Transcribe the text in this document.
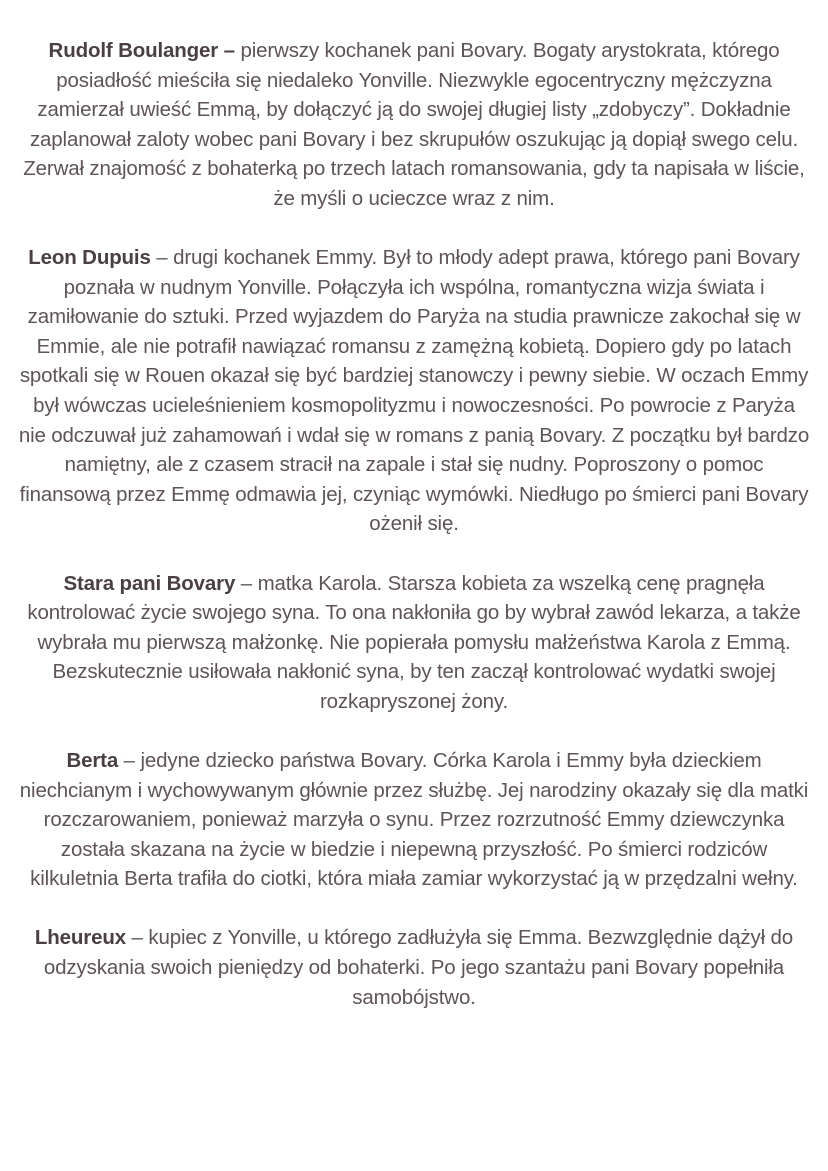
Rudolf Boulanger – pierwszy kochanek pani Bovary. Bogaty arystokrata, którego posiadłość mieściła się niedaleko Yonville. Niezwykle egocentryczny mężczyzna zamierzał uwieść Emmą, by dołączyć ją do swojej długiej listy „zdobyczy”. Dokładnie zaplanował zaloty wobec pani Bovary i bez skrupułów oszukując ją dopiął swego celu. Zerwał znajomość z bohaterką po trzech latach romansowania, gdy ta napisała w liście, że myśli o ucieczce wraz z nim.

Leon Dupuis – drugi kochanek Emmy. Był to młody adept prawa, którego pani Bovary poznała w nudnym Yonville. Połączyła ich wspólna, romantyczna wizja świata i zamiłowanie do sztuki. Przed wyjazdem do Paryża na studia prawnicze zakochał się w Emmie, ale nie potrafił nawiązać romansu z zamężną kobietą. Dopiero gdy po latach spotkali się w Rouen okazał się być bardziej stanowczy i pewny siebie. W oczach Emmy był wówczas ucieleśnieniem kosmopolityzmu i nowoczesności. Po powrocie z Paryża nie odczuwał już zahamowań i wdał się w romans z panią Bovary. Z początku był bardzo namiętny, ale z czasem stracił na zapale i stał się nudny. Poproszony o pomoc finansową przez Emmę odmawia jej, czyniąc wymówki. Niedługo po śmierci pani Bovary ożenił się.

Stara pani Bovary – matka Karola. Starsza kobieta za wszelką cenę pragnęła kontrolować życie swojego syna. To ona nakłoniła go by wybrał zawód lekarza, a także wybrała mu pierwszą małżonkę. Nie popierała pomysłu małżeństwa Karola z Emmą. Bezskutecznie usiłowała nakłonić syna, by ten zaczął kontrolować wydatki swojej rozkapryszonej żony.

Berta – jedyne dziecko państwa Bovary. Córka Karola i Emmy była dzieckiem niechcianym i wychowywanym głównie przez służbę. Jej narodziny okazały się dla matki rozczarowaniem, ponieważ marzyła o synu. Przez rozrzutność Emmy dziewczynka została skazana na życie w biedzie i niepewną przyszłość. Po śmierci rodziców kilkuletnia Berta trafiła do ciotki, która miała zamiar wykorzystać ją w przędzalni wełny.

Lheureux – kupiec z Yonville, u którego zadłużyła się Emma. Bezwzględnie dążył do odzyskania swoich pieniędzy od bohaterki. Po jego szantażu pani Bovary popełniła samobójstwo.
